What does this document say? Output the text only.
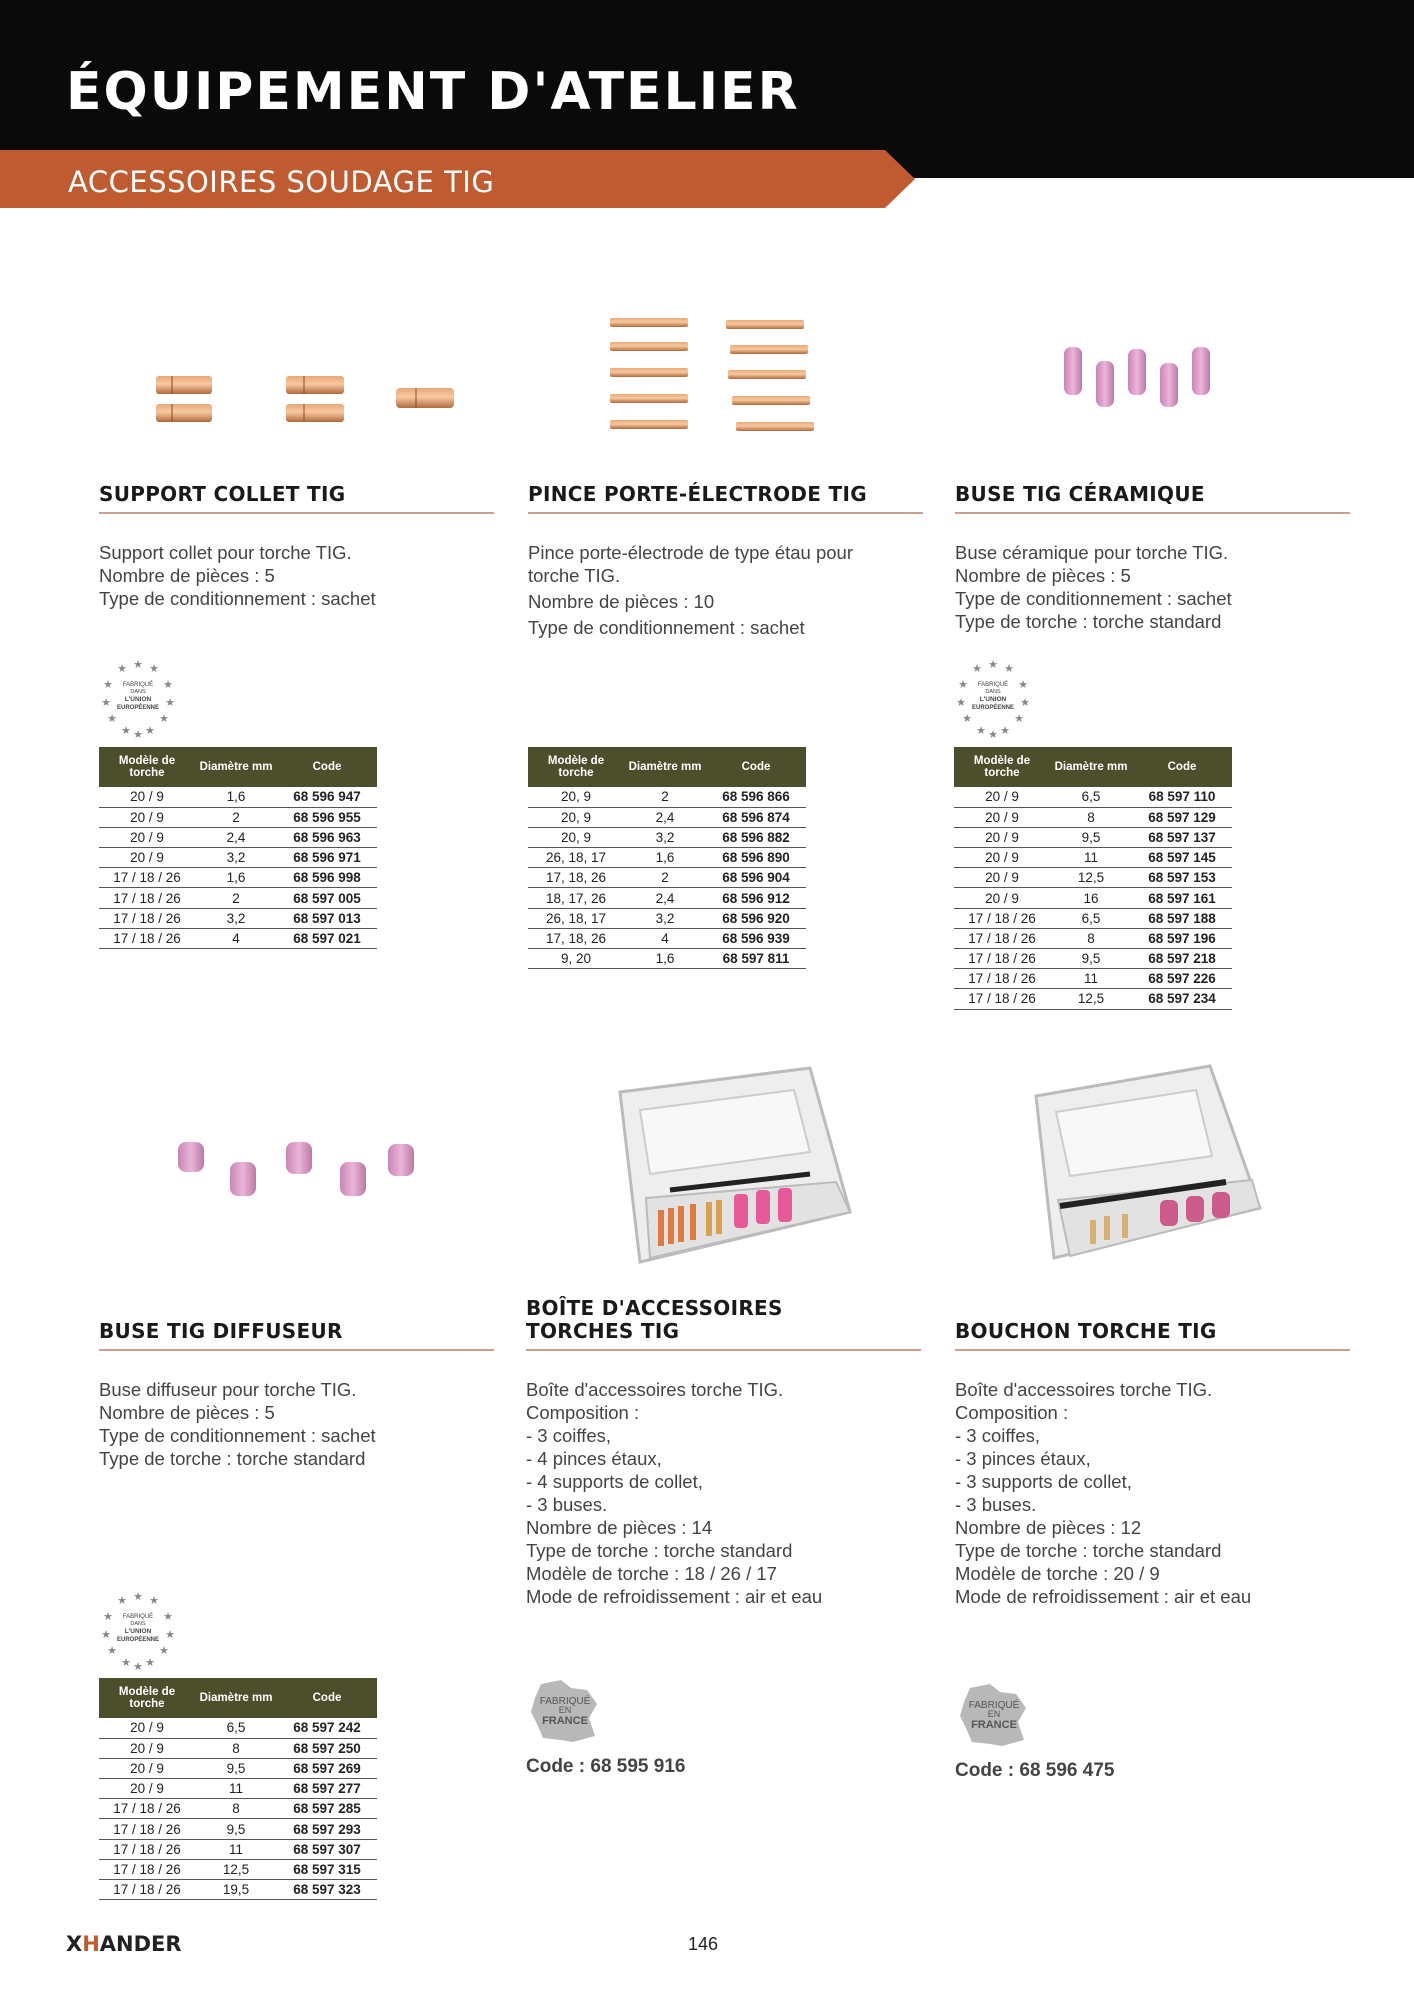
ÉQUIPEMENT D'ATELIER
ACCESSOIRES SOUDAGE TIG
SUPPORT COLLET TIG
Support collet pour torche TIG.
Nombre de pièces : 5
Type de conditionnement : sachet
★
★ ★
★	★
★	★
★	★
★ ★
★
FABRIQUÉ
DANS
L'UNION
EUROPÉENNE
Modèle de torche	Diamètre mm	Code
20 / 9	1,6	68 596 947
20 / 9	2	68 596 955
20 / 9	2,4	68 596 963
20 / 9	3,2	68 596 971
17 / 18 / 26	1,6	68 596 998
17 / 18 / 26	2	68 597 005
17 / 18 / 26	3,2	68 597 013
17 / 18 / 26	4	68 597 021
PINCE PORTE-ÉLECTRODE TIG
Pince porte-électrode de type étau pour
torche TIG.
Nombre de pièces : 10
Type de conditionnement : sachet
Modèle de torche	Diamètre mm	Code
20, 9	2	68 596 866
20, 9	2,4	68 596 874
20, 9	3,2	68 596 882
26, 18, 17	1,6	68 596 890
17, 18, 26	2	68 596 904
18, 17, 26	2,4	68 596 912
26, 18, 17	3,2	68 596 920
17, 18, 26	4	68 596 939
9, 20	1,6	68 597 811
BUSE TIG CÉRAMIQUE
Buse céramique pour torche TIG.
Nombre de pièces : 5
Type de conditionnement : sachet
Type de torche : torche standard
★
★ ★
★	★
★	★
★	★
★ ★
★
FABRIQUÉ
DANS
L'UNION
EUROPÉENNE
Modèle de torche	Diamètre mm	Code
20 / 9	6,5	68 597 110
20 / 9	8	68 597 129
20 / 9	9,5	68 597 137
20 / 9	11	68 597 145
20 / 9	12,5	68 597 153
20 / 9	16	68 597 161
17 / 18 / 26	6,5	68 597 188
17 / 18 / 26	8	68 597 196
17 / 18 / 26	9,5	68 597 218
17 / 18 / 26	11	68 597 226
17 / 18 / 26	12,5	68 597 234
BUSE TIG DIFFUSEUR
Buse diffuseur pour torche TIG.
Nombre de pièces : 5
Type de conditionnement : sachet
Type de torche : torche standard
★
★ ★
★	★
★	★
★	★
★ ★
★
FABRIQUÉ
DANS
L'UNION
EUROPÉENNE
Modèle de torche	Diamètre mm	Code
20 / 9	6,5	68 597 242
20 / 9	8	68 597 250
20 / 9	9,5	68 597 269
20 / 9	11	68 597 277
17 / 18 / 26	8	68 597 285
17 / 18 / 26	9,5	68 597 293
17 / 18 / 26	11	68 597 307
17 / 18 / 26	12,5	68 597 315
17 / 18 / 26	19,5	68 597 323
BOÎTE D'ACCESSOIRES
TORCHES TIG
Boîte d'accessoires torche TIG.
Composition :
- 3 coiffes,
- 4 pinces étaux,
- 4 supports de collet,
- 3 buses.
Nombre de pièces : 14
Type de torche : torche standard
Modèle de torche : 18 / 26 / 17
Mode de refroidissement : air et eau
FABRIQUÉ
EN
FRANCE
Code : 68 595 916
BOUCHON TORCHE TIG
Boîte d'accessoires torche TIG.
Composition :
- 3 coiffes,
- 3 pinces étaux,
- 3 supports de collet,
- 3 buses.
Nombre de pièces : 12
Type de torche : torche standard
Modèle de torche : 20 / 9
Mode de refroidissement : air et eau
FABRIQUÉ
EN
FRANCE
Code : 68 596 475
XHANDER	146
